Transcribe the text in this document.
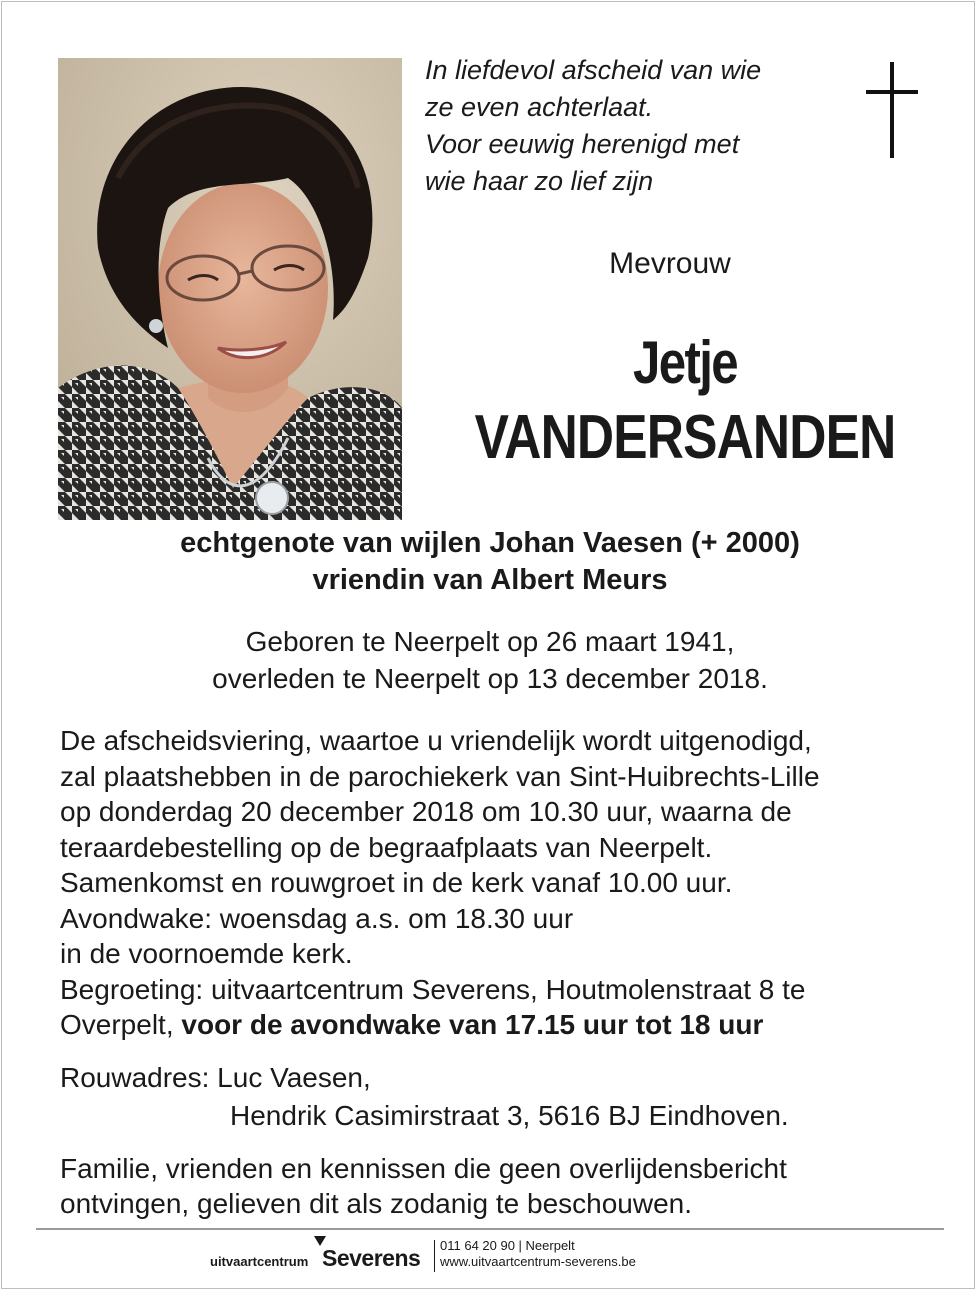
In liefdevol afscheid van wie
ze even achterlaat.
Voor eeuwig herenigd met
wie haar zo lief zijn
Mevrouw
Jetje
VANDERSANDEN
echtgenote van wijlen Johan Vaesen (+ 2000)
vriendin van Albert Meurs
Geboren te Neerpelt op 26 maart 1941,
overleden te Neerpelt op 13 december 2018.
De afscheidsviering, waartoe u vriendelijk wordt uitgenodigd,
zal plaatshebben in de parochiekerk van Sint-Huibrechts-Lille
op donderdag 20 december 2018 om 10.30 uur, waarna de
teraardebestelling op de begraafplaats van Neerpelt.
Samenkomst en rouwgroet in de kerk vanaf 10.00 uur.
Avondwake: woensdag a.s. om 18.30 uur
in de voornoemde kerk.
Begroeting: uitvaartcentrum Severens, Houtmolenstraat 8 te
Overpelt, voor de avondwake van 17.15 uur tot 18 uur
Rouwadres: Luc Vaesen,
Hendrik Casimirstraat 3, 5616 BJ Eindhoven.
Familie, vrienden en kennissen die geen overlijdensbericht
ontvingen, gelieven dit als zodanig te beschouwen.
uitvaartcentrum Severens 011 64 20 90 | Neerpelt
www.uitvaartcentrum-severens.be
